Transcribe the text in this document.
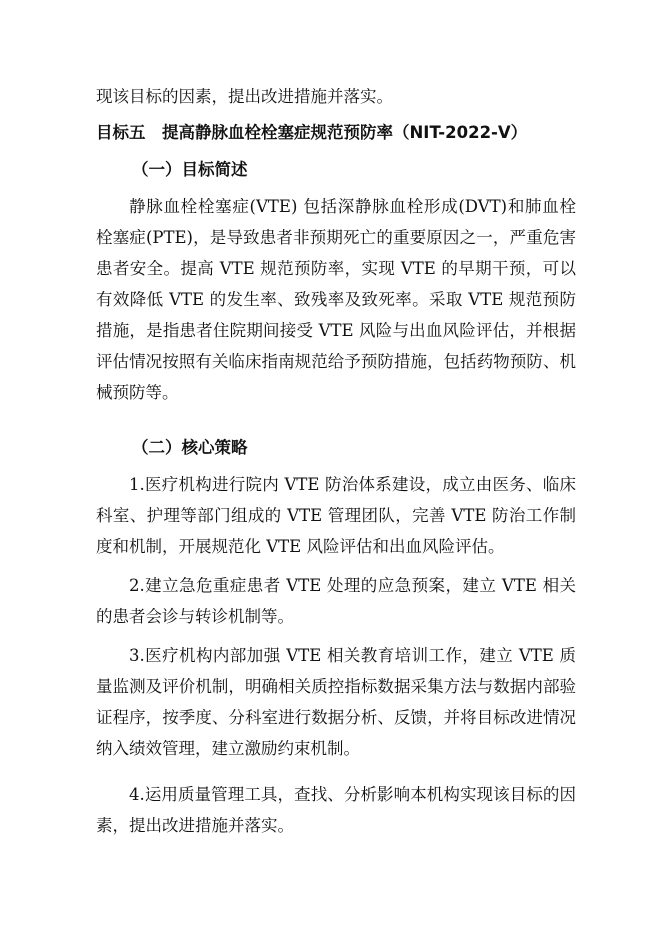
现该目标的因素，提出改进措施并落实。

目标五　提高静脉血栓栓塞症规范预防率（NIT-2022-Ⅴ）

（一）目标简述

静脉血栓栓塞症(VTE) 包括深静脉血栓形成(DVT)和肺血栓栓塞症(PTE)，是导致患者非预期死亡的重要原因之一，严重危害患者安全。提高 VTE 规范预防率，实现 VTE 的早期干预，可以有效降低 VTE 的发生率、致残率及致死率。采取 VTE 规范预防措施，是指患者住院期间接受 VTE 风险与出血风险评估，并根据评估情况按照有关临床指南规范给予预防措施，包括药物预防、机械预防等。

（二）核心策略

1.医疗机构进行院内 VTE 防治体系建设，成立由医务、临床科室、护理等部门组成的 VTE 管理团队，完善 VTE 防治工作制度和机制，开展规范化 VTE 风险评估和出血风险评估。

2.建立急危重症患者 VTE 处理的应急预案，建立 VTE 相关的患者会诊与转诊机制等。

3.医疗机构内部加强 VTE 相关教育培训工作，建立 VTE 质量监测及评价机制，明确相关质控指标数据采集方法与数据内部验证程序，按季度、分科室进行数据分析、反馈，并将目标改进情况纳入绩效管理，建立激励约束机制。

4.运用质量管理工具，查找、分析影响本机构实现该目标的因素，提出改进措施并落实。
